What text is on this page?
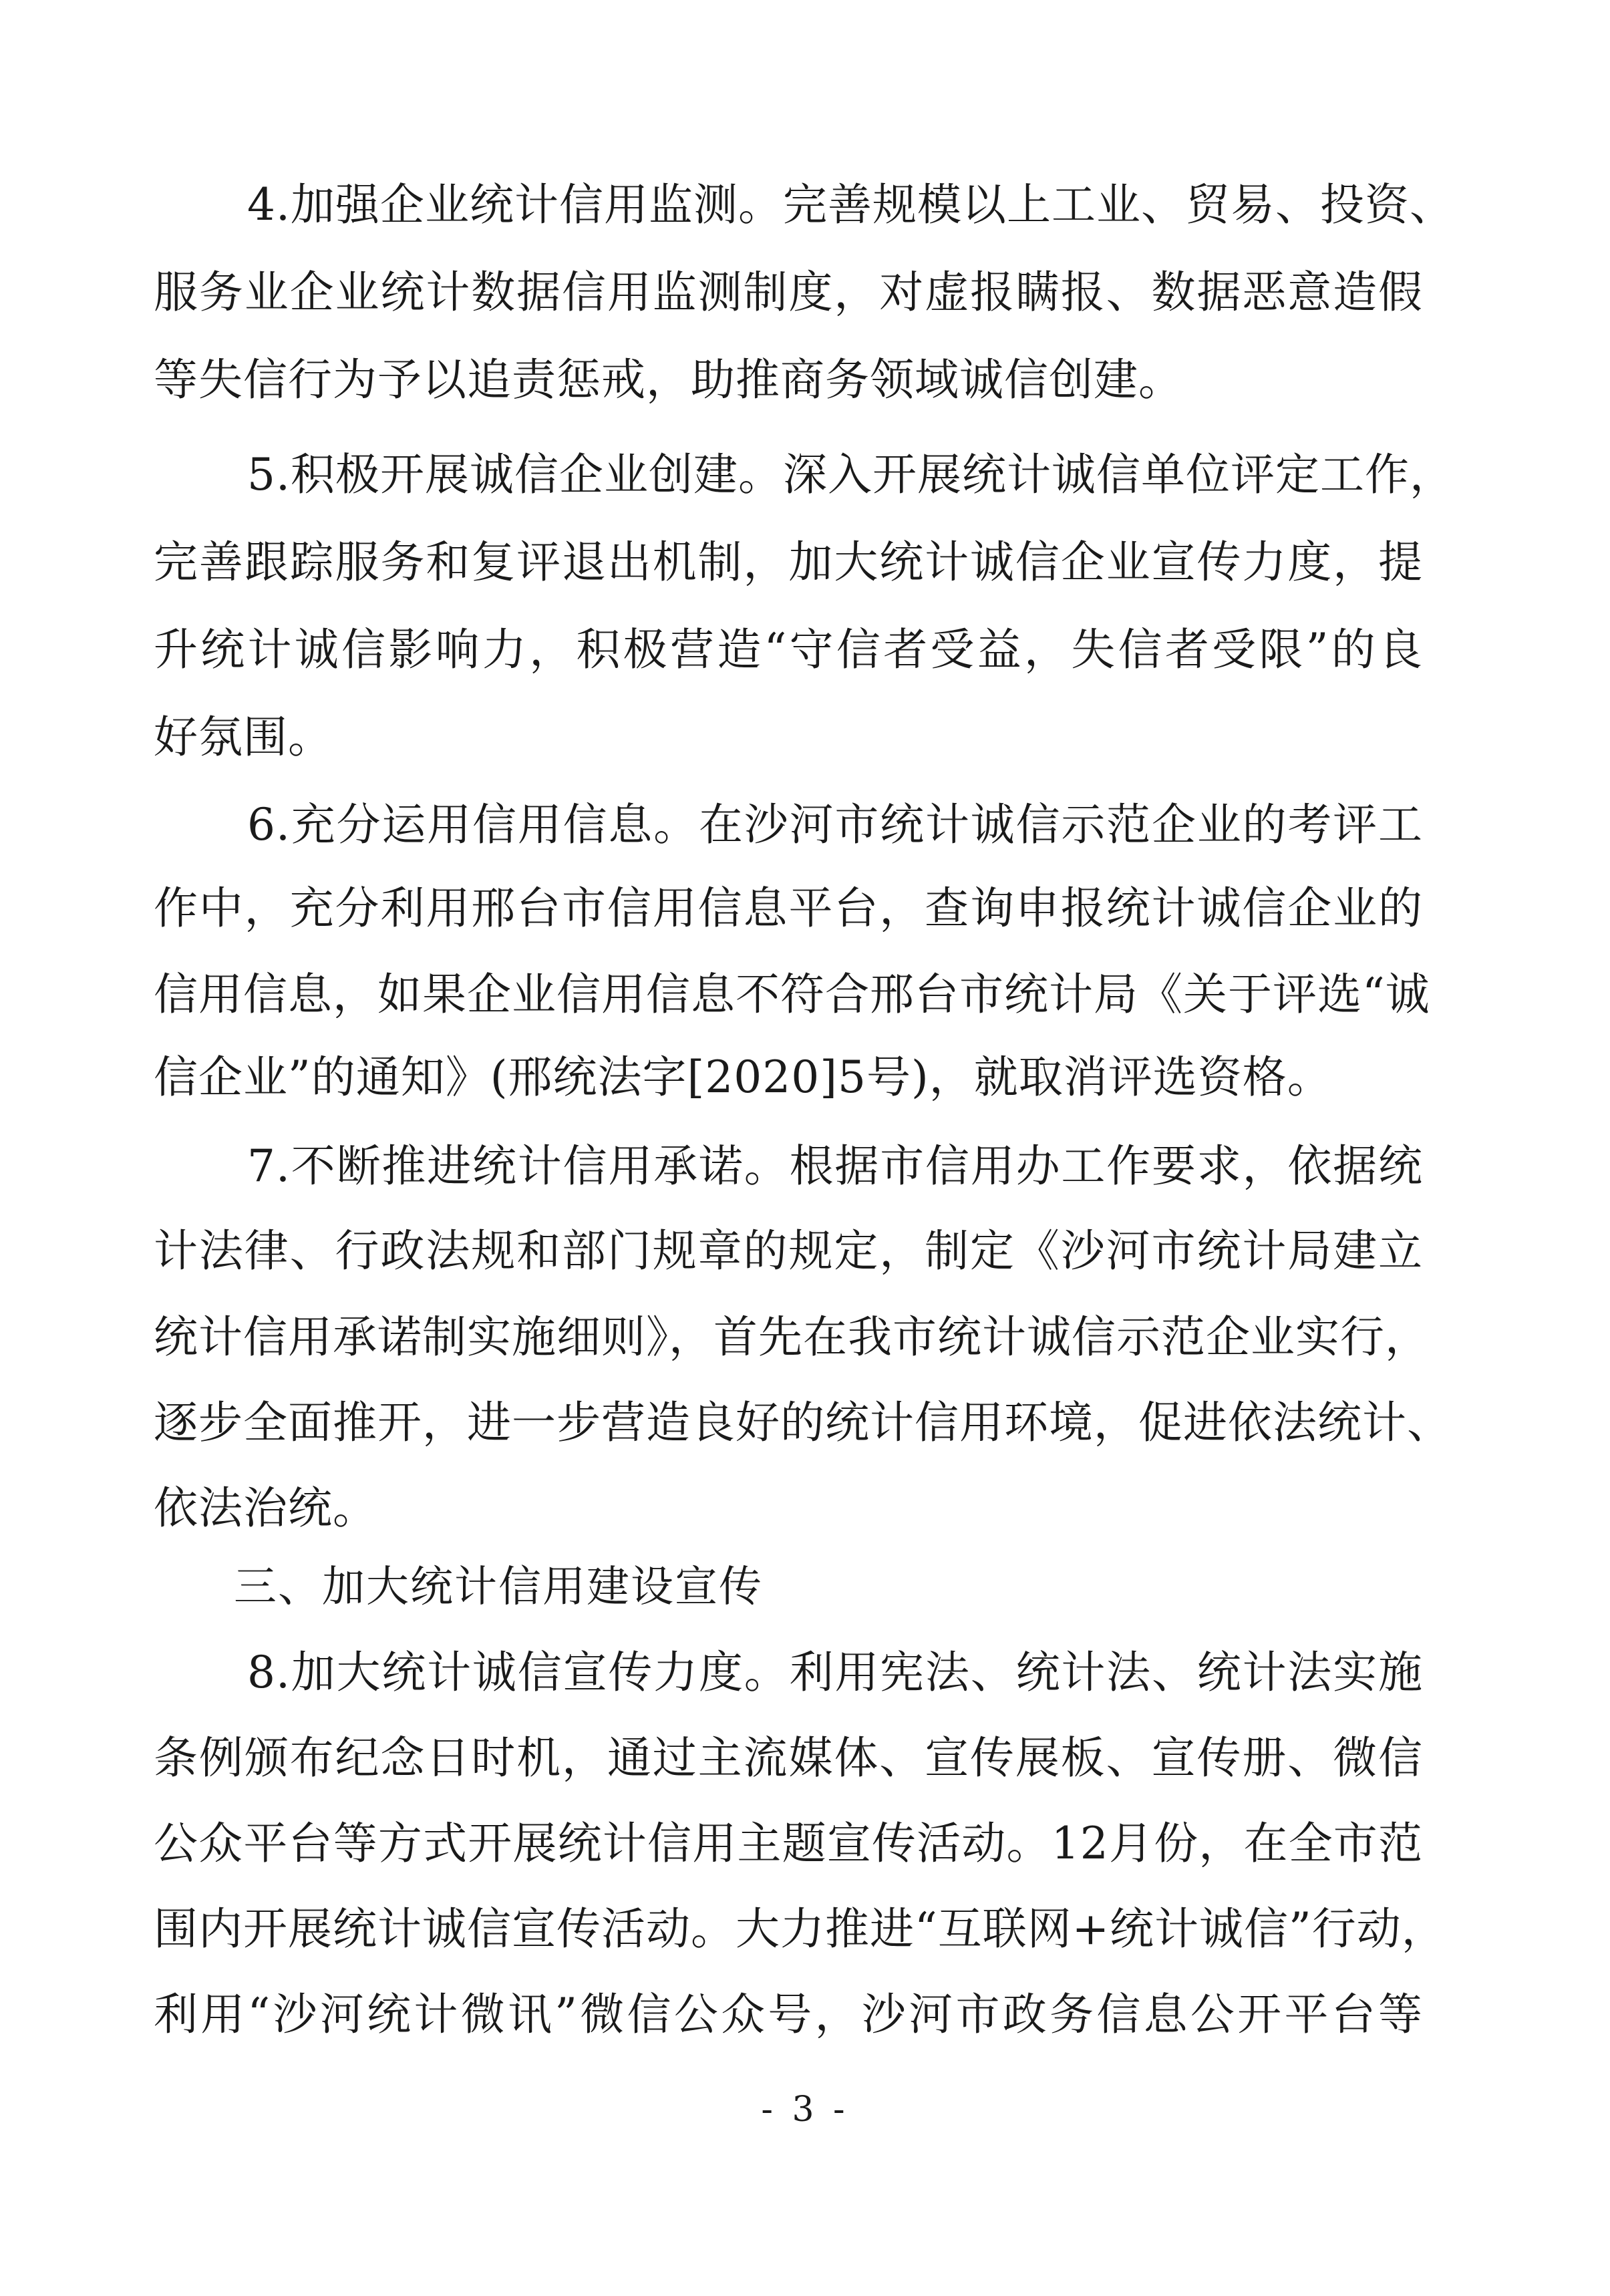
4.加强企业统计信用监测。完善规模以上工业、贸易、投资、
服务业企业统计数据信用监测制度，对虚报瞒报、数据恶意造假
等失信行为予以追责惩戒，助推商务领域诚信创建。
5.积极开展诚信企业创建。深入开展统计诚信单位评定工作，
完善跟踪服务和复评退出机制，加大统计诚信企业宣传力度，提
升统计诚信影响力，积极营造“守信者受益，失信者受限”的良
好氛围。
6.充分运用信用信息。在沙河市统计诚信示范企业的考评工
作中，充分利用邢台市信用信息平台，查询申报统计诚信企业的
信用信息，如果企业信用信息不符合邢台市统计局《关于评选“诚
信企业”的通知》(邢统法字[2020]5号)，就取消评选资格。
7.不断推进统计信用承诺。根据市信用办工作要求，依据统
计法律、行政法规和部门规章的规定，制定《沙河市统计局建立
统计信用承诺制实施细则》，首先在我市统计诚信示范企业实行，
逐步全面推开，进一步营造良好的统计信用环境，促进依法统计、
依法治统。
三、加大统计信用建设宣传
8.加大统计诚信宣传力度。利用宪法、统计法、统计法实施
条例颁布纪念日时机，通过主流媒体、宣传展板、宣传册、微信
公众平台等方式开展统计信用主题宣传活动。12月份，在全市范
围内开展统计诚信宣传活动。大力推进“互联网+统计诚信”行动，
利用“沙河统计微讯”微信公众号，沙河市政务信息公开平台等
- 3 -
